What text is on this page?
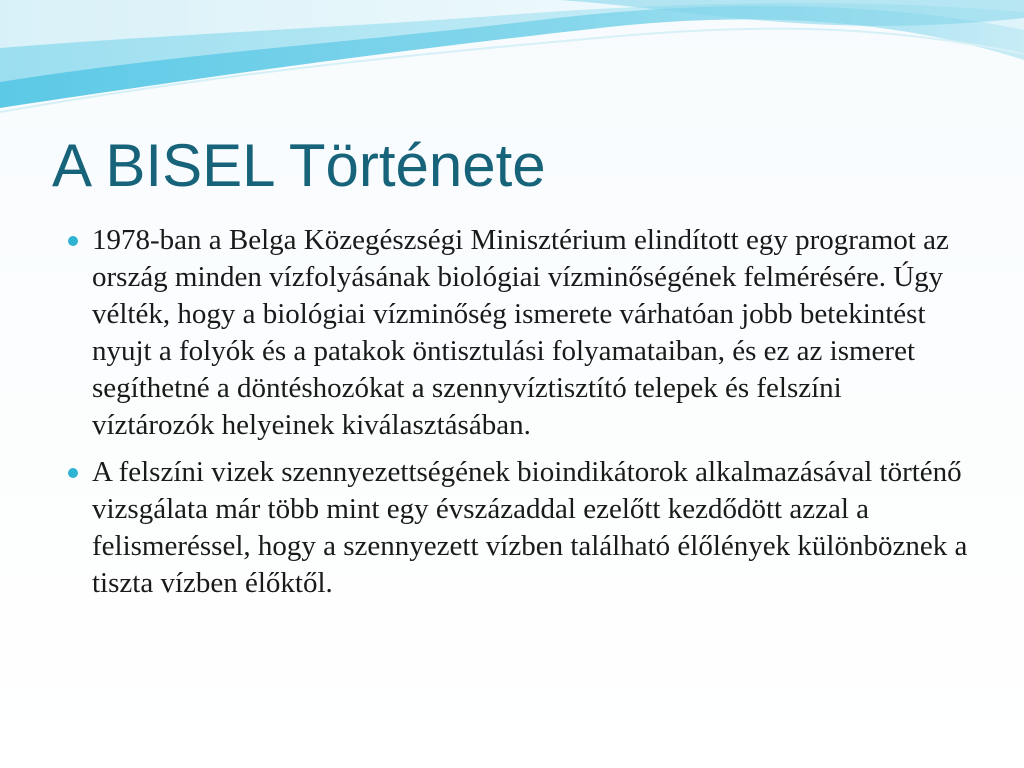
A BISEL Története
1978-ban a Belga Közegészségi Minisztérium elindított egy programot az ország minden vízfolyásának biológiai vízminőségének felmérésére. Úgy vélték, hogy a biológiai vízminőség ismerete várhatóan jobb betekintést nyujt a folyók és a patakok öntisztulási folyamataiban, és ez az ismeret segíthetné a döntéshozókat a szennyvíztisztító telepek és felszíni víztározók helyeinek kiválasztásában.
A felszíni vizek szennyezettségének bioindikátorok alkalmazásával történő vizsgálata már több mint egy évszázaddal ezelőtt kezdődött azzal a felismeréssel, hogy a szennyezett vízben található élőlények különböznek a tiszta vízben élőktől.
